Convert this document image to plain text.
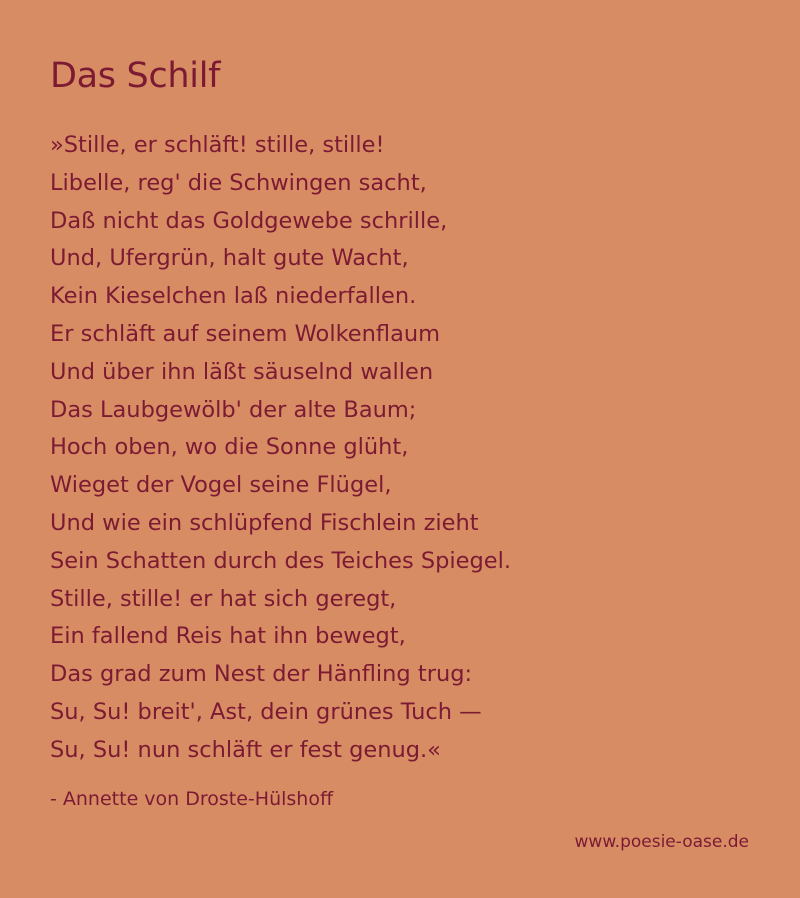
Das Schilf
»Stille, er schläft! stille, stille!
Libelle, reg' die Schwingen sacht,
Daß nicht das Goldgewebe schrille,
Und, Ufergrün, halt gute Wacht,
Kein Kieselchen laß niederfallen.
Er schläft auf seinem Wolkenflaum
Und über ihn läßt säuselnd wallen
Das Laubgewölb' der alte Baum;
Hoch oben, wo die Sonne glüht,
Wieget der Vogel seine Flügel,
Und wie ein schlüpfend Fischlein zieht
Sein Schatten durch des Teiches Spiegel.
Stille, stille! er hat sich geregt,
Ein fallend Reis hat ihn bewegt,
Das grad zum Nest der Hänfling trug:
Su, Su! breit', Ast, dein grünes Tuch —
Su, Su! nun schläft er fest genug.«
- Annette von Droste-Hülshoff
www.poesie-oase.de
